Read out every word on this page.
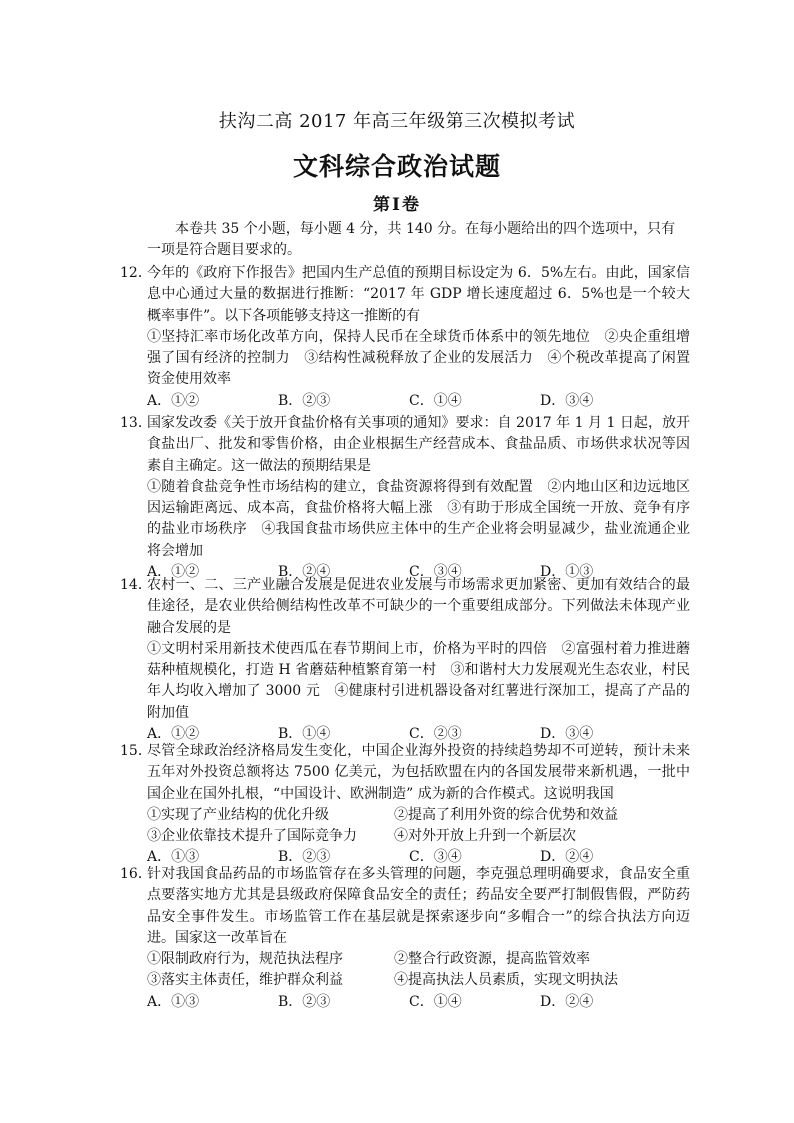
扶沟二高 2017 年高三年级第三次模拟考试
文科综合政治试题
第Ⅰ卷
本卷共 35 个小题，每小题 4 分，共 140 分。在每小题给出的四个选项中，只有一项是符合题目要求的。
12．
今年的《政府下作报告》把国内生产总值的预期目标设定为 6．5%左右。由此，国家信息中心通过大量的数据进行推断：“2017 年 GDP 增长速度超过 6．5%也是一个较大概率事件”。以下各项能够支持这一推断的有
①坚持汇率市场化改革方向，保持人民币在全球货币体系中的领先地位　②央企重组增强了国有经济的控制力　③结构性减税释放了企业的发展活力　④个税改革提高了闲置资金使用效率
A．①②	B．②③	C．①④	D．③④
13．
国家发改委《关于放开食盐价格有关事项的通知》要求：自 2017 年 1 月 1 日起，放开食盐出厂、批发和零售价格，由企业根据生产经营成本、食盐品质、市场供求状况等因素自主确定。这一做法的预期结果是
①随着食盐竞争性市场结构的建立，食盐资源将得到有效配置　②内地山区和边远地区因运输距离远、成本高，食盐价格将大幅上涨　③有助于形成全国统一开放、竞争有序的盐业市场秩序　④我国食盐市场供应主体中的生产企业将会明显减少，盐业流通企业将会增加
A．①②	B．②④	C．③④	D．①③
14．
农村一、二、三产业融合发展是促进农业发展与市场需求更加紧密、更加有效结合的最佳途径，是农业供给侧结构性改革不可缺少的一个重要组成部分。下列做法未体现产业融合发展的是
①文明村采用新技术使西瓜在春节期间上市，价格为平时的四倍　②富强村着力推进蘑菇种植规模化，打造 H 省蘑菇种植繁育第一村　③和谐村大力发展观光生态农业，村民年人均收入增加了 3000 元　④健康村引进机器设备对红薯进行深加工，提高了产品的附加值
A．①②	B．①④	C．②③	D．③④
15．
尽管全球政治经济格局发生变化，中国企业海外投资的持续趋势却不可逆转，预计未来五年对外投资总额将达 7500 亿美元，为包括欧盟在内的各国发展带来新机遇，一批中国企业在国外扎根，“中国设计、欧洲制造” 成为新的合作模式。这说明我国
①实现了产业结构的优化升级	②提高了利用外资的综合优势和效益
③企业依靠技术提升了国际竞争力	④对外开放上升到一个新层次
A．①③	B．②③	C．③④	D．②④
16．
针对我国食品药品的市场监管存在多头管理的问题，李克强总理明确要求，食品安全重点要落实地方尤其是县级政府保障食品安全的责任；药品安全要严打制假售假，严防药品安全事件发生。市场监管工作在基层就是探索逐步向“多帽合一”的综合执法方向迈进。国家这一改革旨在
①限制政府行为，规范执法程序	②整合行政资源，提高监管效率
③落实主体责任，维护群众利益	④提高执法人员素质，实现文明执法
A．①③	B．②③	C．①④	D．②④
